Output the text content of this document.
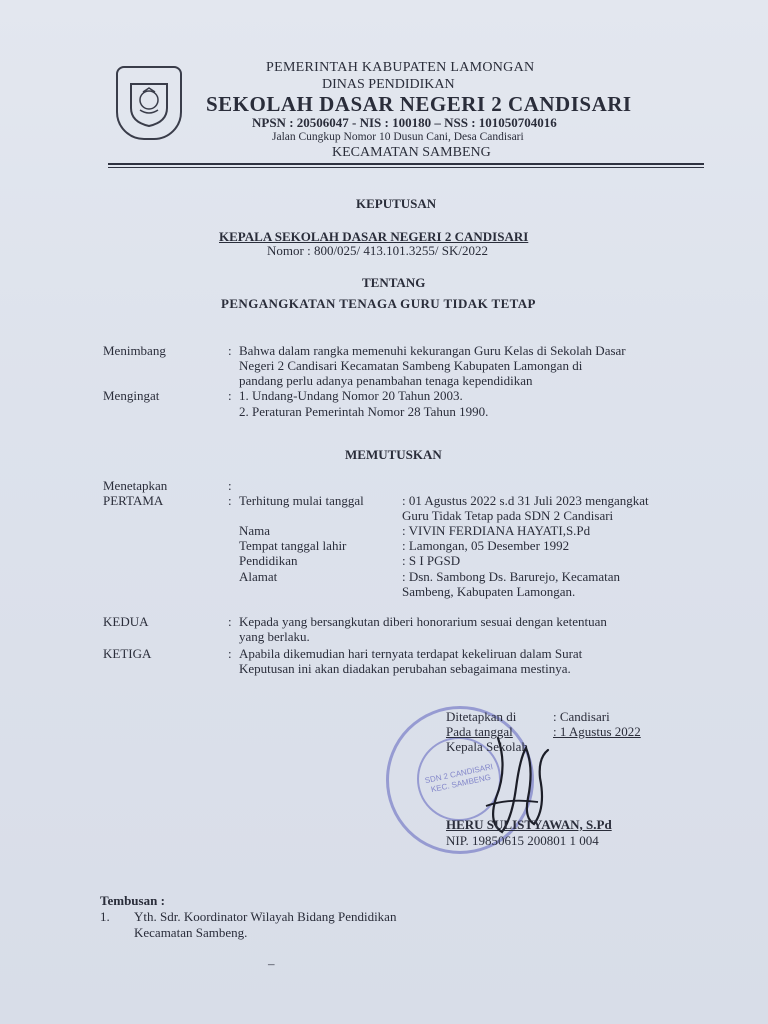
PEMERINTAH KABUPATEN LAMONGAN
DINAS PENDIDIKAN
SEKOLAH DASAR NEGERI 2 CANDISARI
NPSN : 20506047 - NIS : 100180 – NSS : 101050704016
Jalan Cungkup Nomor 10 Dusun Cani, Desa Candisari
KECAMATAN SAMBENG
KEPUTUSAN
KEPALA SEKOLAH DASAR NEGERI 2 CANDISARI
Nomor : 800/025/ 413.101.3255/ SK/2022
TENTANG
PENGANGKATAN TENAGA GURU TIDAK TETAP
Menimbang	: Bahwa dalam rangka memenuhi kekurangan Guru Kelas di Sekolah Dasar
Negeri 2 Candisari Kecamatan Sambeng Kabupaten Lamongan di
pandang perlu adanya penambahan tenaga kependidikan
Mengingat	: 1. Undang-Undang Nomor 20 Tahun 2003.
2. Peraturan Pemerintah Nomor 28 Tahun 1990.
MEMUTUSKAN
Menetapkan	:
PERTAMA	: Terhitung mulai tanggal	: 01 Agustus 2022 s.d 31 Juli 2023 mengangkat
Guru Tidak Tetap pada SDN 2 Candisari
Nama	: VIVIN FERDIANA HAYATI,S.Pd
Tempat tanggal lahir	: Lamongan, 05 Desember 1992
Pendidikan	: S I PGSD
Alamat	: Dsn. Sambong Ds. Barurejo, Kecamatan
Sambeng, Kabupaten Lamongan.
KEDUA	: Kepada yang bersangkutan diberi honorarium sesuai dengan ketentuan
yang berlaku.
KETIGA	: Apabila dikemudian hari ternyata terdapat kekeliruan dalam Surat
Keputusan ini akan diadakan perubahan sebagaimana mestinya.
SDN 2 CANDISARI KEC. SAMBENG
Ditetapkan di	: Candisari
Pada tanggal	: 1 Agustus 2022
Kepala Sekolah
HERU SULISTYAWAN, S.Pd
NIP. 19850615 200801 1 004
Tembusan :
1. Yth. Sdr. Koordinator Wilayah Bidang Pendidikan
Kecamatan Sambeng.
–
